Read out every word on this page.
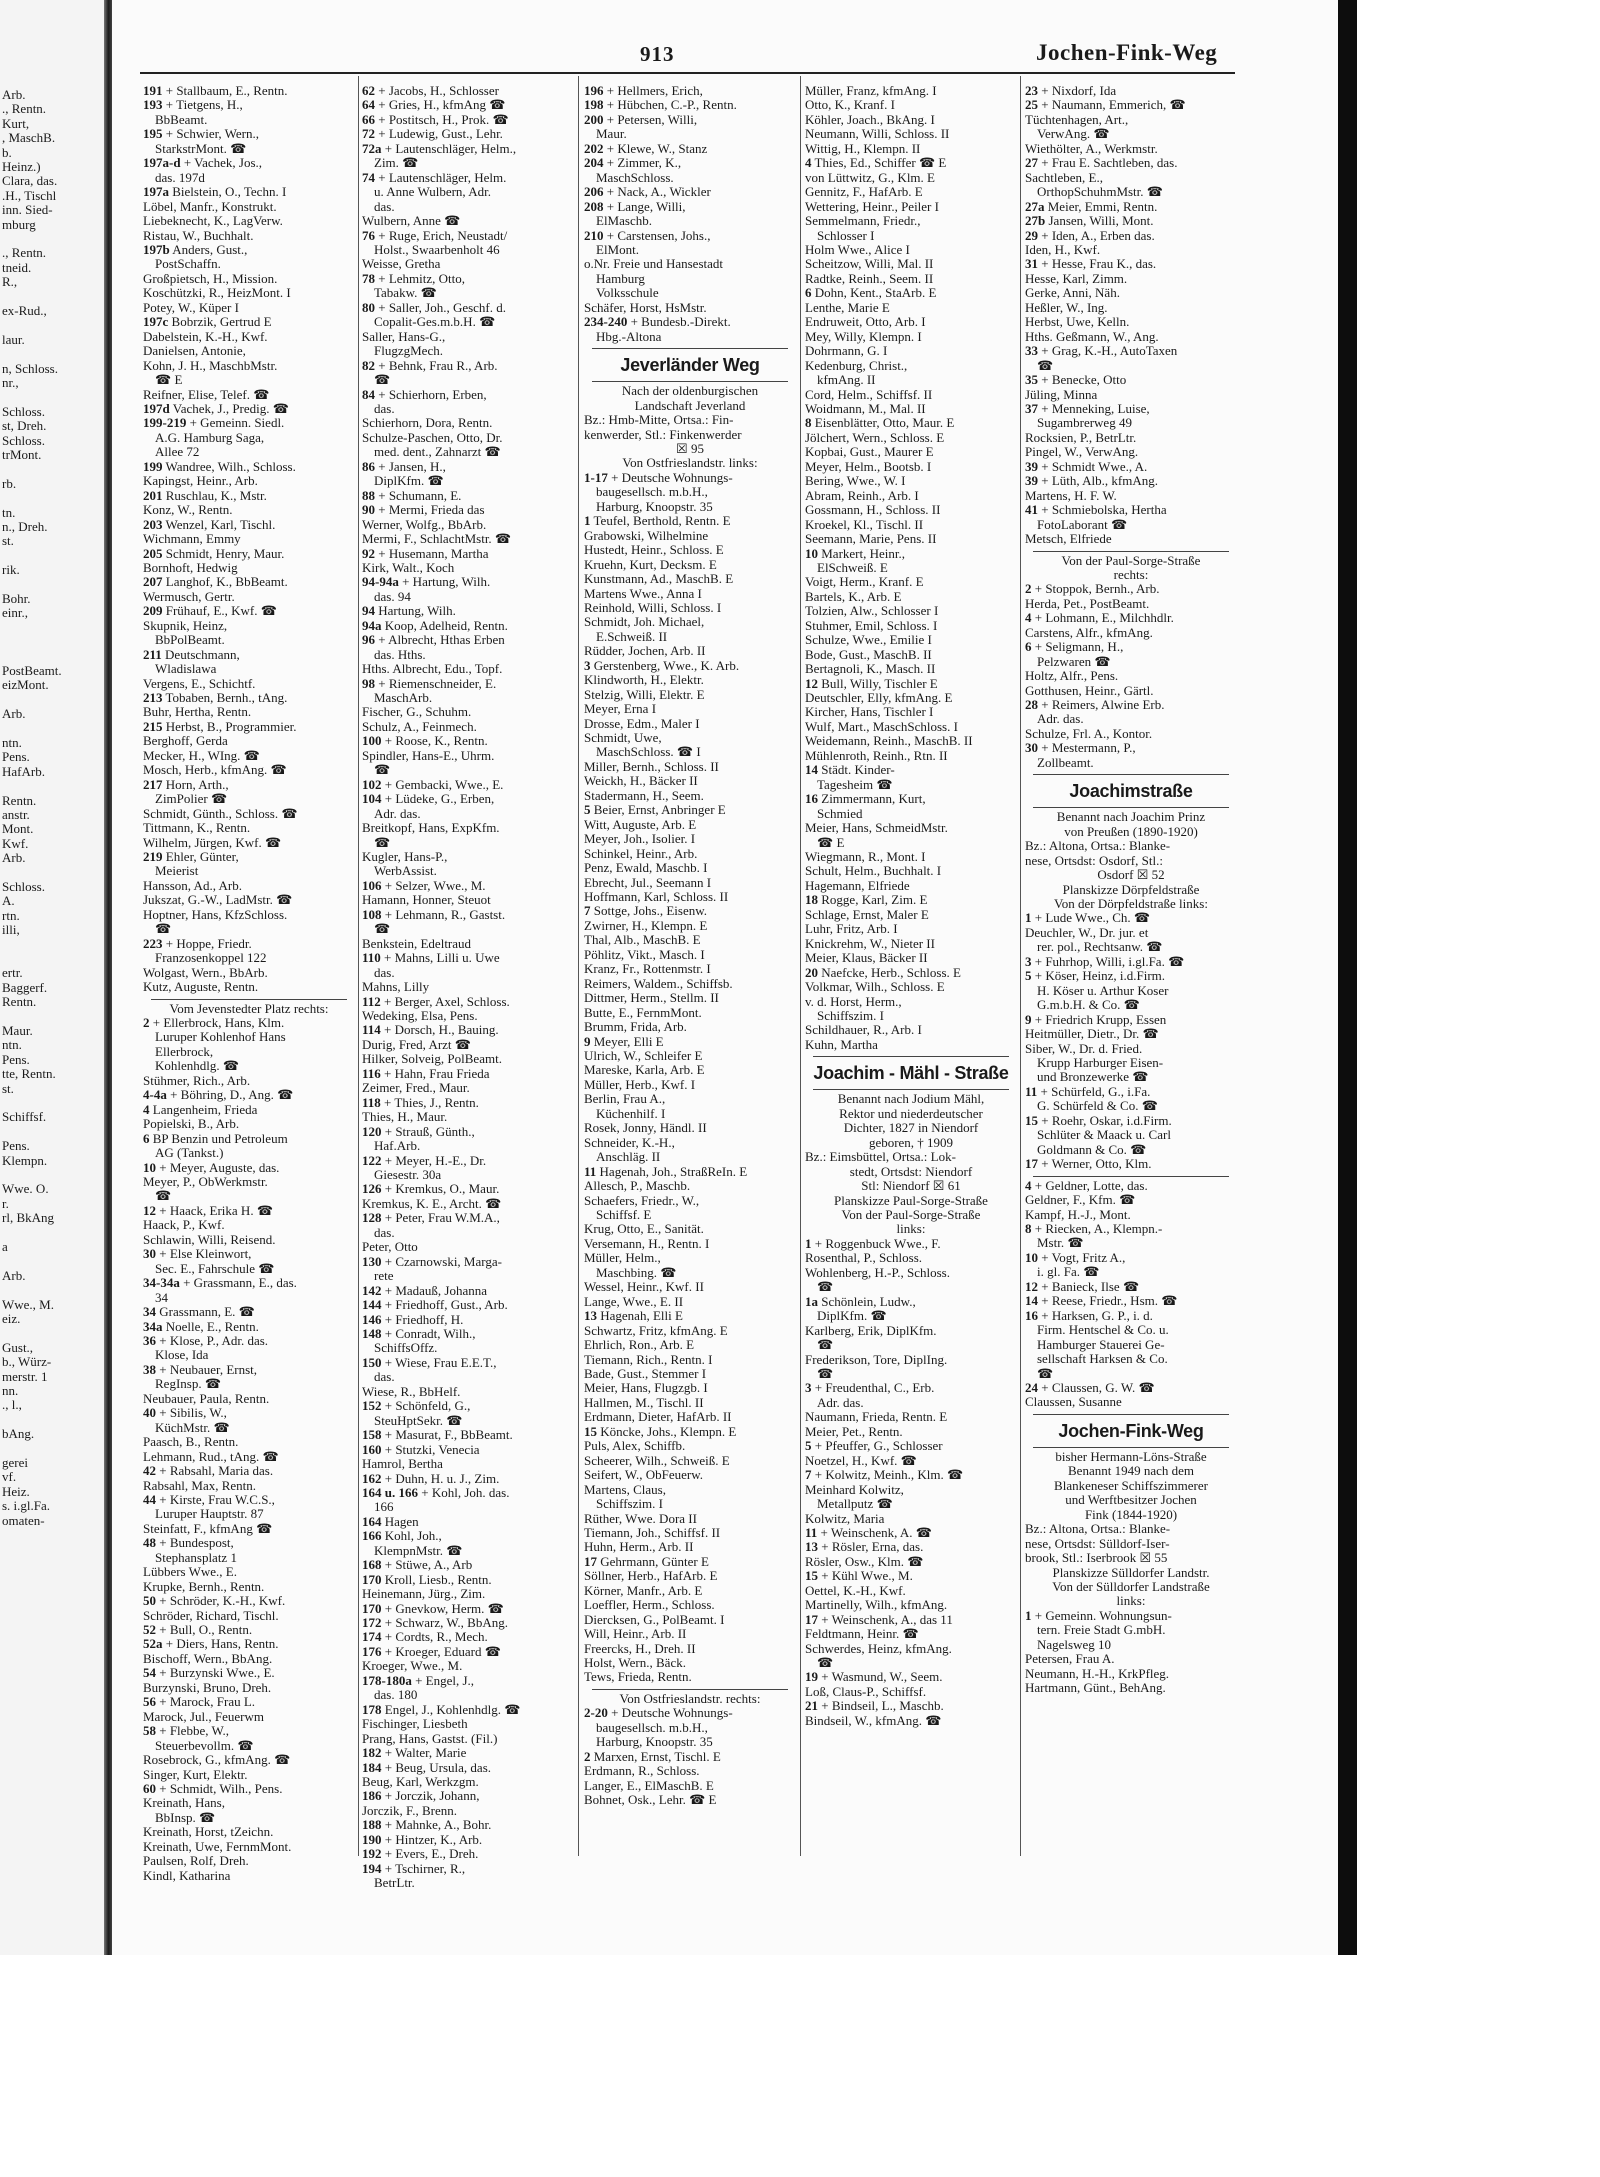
Arb.
., Rentn.
Kurt,
, MaschB.
b.
Heinz.)
Clara, das.
.H., Tischl
inn. Sied-
mburg
., Rentn.
tneid.
R.,
ex-Rud.,
laur.
n, Schloss.
nr.,
Schloss.
st, Dreh.
Schloss.
trMont.
rb.
tn.
n., Dreh.
st.
rik.
Bohr.
einr.,
PostBeamt.
eizMont.
Arb.
ntn.
Pens.
HafArb.
Rentn.
anstr.
Mont.
Kwf.
Arb.
Schloss.
A.
rtn.
illi,
ertr.
Baggerf.
Rentn.
Maur.
ntn.
Pens.
tte, Rentn.
st.
Schiffsf.
Pens.
Klempn.
Wwe. O.
r.
rl, BkAng
a
Arb.
Wwe., M.
eiz.
Gust.,
b., Würz-
merstr. 1
nn.
., l.,
bAng.
gerei
vf.
Heiz.
s. i.gl.Fa.
omaten-
913	Jochen-Fink-Weg
191 + Stallbaum, E., Rentn.
193 + Tietgens, H.,
BbBeamt.
195 + Schwier, Wern.,
StarkstrMont. ☎
197a-d + Vachek, Jos.,
das. 197d
197a Bielstein, O., Techn. I
Löbel, Manfr., Konstrukt.
Liebeknecht, K., LagVerw.
Ristau, W., Buchhalt.
197b Anders, Gust.,
PostSchaffn.
Großpietsch, H., Mission.
Koschützki, R., HeizMont. I
Potey, W., Küper I
197c Bobrzik, Gertrud E
Dabelstein, K.-H., Kwf.
Danielsen, Antonie,
Kohn, J. H., MaschbMstr.
☎ E
Reifner, Elise, Telef. ☎
197d Vachek, J., Predig. ☎
199-219 + Gemeinn. Siedl.
A.G. Hamburg Saga,
Allee 72
199 Wandree, Wilh., Schloss.
Kapingst, Heinr., Arb.
201 Ruschlau, K., Mstr.
Konz, W., Rentn.
203 Wenzel, Karl, Tischl.
Wichmann, Emmy
205 Schmidt, Henry, Maur.
Bornhoft, Hedwig
207 Langhof, K., BbBeamt.
Wermusch, Gertr.
209 Frühauf, E., Kwf. ☎
Skupnik, Heinz,
BbPolBeamt.
211 Deutschmann,
Wladislawa
Vergens, E., Schichtf.
213 Tobaben, Bernh., tAng.
Buhr, Hertha, Rentn.
215 Herbst, B., Programmier.
Berghoff, Gerda
Mecker, H., WIng. ☎
Mosch, Herb., kfmAng. ☎
217 Horn, Arth.,
ZimPolier ☎
Schmidt, Günth., Schloss. ☎
Tittmann, K., Rentn.
Wilhelm, Jürgen, Kwf. ☎
219 Ehler, Günter,
Meierist
Hansson, Ad., Arb.
Jukszat, G.-W., LadMstr. ☎
Hoptner, Hans, KfzSchloss.
☎
223 + Hoppe, Friedr.
Franzosenkoppel 122
Wolgast, Wern., BbArb.
Kutz, Auguste, Rentn.
Vom Jevenstedter Platz rechts:
2 + Ellerbrock, Hans, Klm.
Luruper Kohlenhof Hans
Ellerbrock,
Kohlenhdlg. ☎
Stühmer, Rich., Arb.
4-4a + Böhring, D., Ang. ☎
4 Langenheim, Frieda
Popielski, B., Arb.
6 BP Benzin und Petroleum
AG (Tankst.)
10 + Meyer, Auguste, das.
Meyer, P., ObWerkmstr.
☎
12 + Haack, Erika H. ☎
Haack, P., Kwf.
Schlawin, Willi, Reisend.
30 + Else Kleinwort,
Sec. E., Fahrschule ☎
34-34a + Grassmann, E., das.
34
34 Grassmann, E. ☎
34a Noelle, E., Rentn.
36 + Klose, P., Adr. das.
Klose, Ida
38 + Neubauer, Ernst,
RegInsp. ☎
Neubauer, Paula, Rentn.
40 + Sibilis, W.,
KüchMstr. ☎
Paasch, B., Rentn.
Lehmann, Rud., tAng. ☎
42 + Rabsahl, Maria das.
Rabsahl, Max, Rentn.
44 + Kirste, Frau W.C.S.,
Luruper Hauptstr. 87
Steinfatt, F., kfmAng ☎
48 + Bundespost,
Stephansplatz 1
Lübbers Wwe., E.
Krupke, Bernh., Rentn.
50 + Schröder, K.-H., Kwf.
Schröder, Richard, Tischl.
52 + Bull, O., Rentn.
52a + Diers, Hans, Rentn.
Bischoff, Wern., BbAng.
54 + Burzynski Wwe., E.
Burzynski, Bruno, Dreh.
56 + Marock, Frau L.
Marock, Jul., Feuerwm
58 + Flebbe, W.,
Steuerbevollm. ☎
Rosebrock, G., kfmAng. ☎
Singer, Kurt, Elektr.
60 + Schmidt, Wilh., Pens.
Kreinath, Hans,
BbInsp. ☎
Kreinath, Horst, tZeichn.
Kreinath, Uwe, FernmMont.
Paulsen, Rolf, Dreh.
Kindl, Katharina
62 + Jacobs, H., Schlosser
64 + Gries, H., kfmAng ☎
66 + Postitsch, H., Prok. ☎
72 + Ludewig, Gust., Lehr.
72a + Lautenschläger, Helm.,
Zim. ☎
74 + Lautenschläger, Helm.
u. Anne Wulbern, Adr.
das.
Wulbern, Anne ☎
76 + Ruge, Erich, Neustadt/
Holst., Swaarbenholt 46
Weisse, Gretha
78 + Lehmitz, Otto,
Tabakw. ☎
80 + Saller, Joh., Geschf. d.
Copalit-Ges.m.b.H. ☎
Saller, Hans-G.,
FlugzgMech.
82 + Behnk, Frau R., Arb.
☎
84 + Schierhorn, Erben,
das.
Schierhorn, Dora, Rentn.
Schulze-Paschen, Otto, Dr.
med. dent., Zahnarzt ☎
86 + Jansen, H.,
DiplKfm. ☎
88 + Schumann, E.
90 + Mermi, Frieda das
Werner, Wolfg., BbArb.
Mermi, F., SchlachtMstr. ☎
92 + Husemann, Martha
Kirk, Walt., Koch
94-94a + Hartung, Wilh.
das. 94
94 Hartung, Wilh.
94a Koop, Adelheid, Rentn.
96 + Albrecht, Hthas Erben
das. Hths.
Hths. Albrecht, Edu., Topf.
98 + Riemenschneider, E.
MaschArb.
Fischer, G., Schuhm.
Schulz, A., Feinmech.
100 + Roose, K., Rentn.
Spindler, Hans-E., Uhrm.
☎
102 + Gembacki, Wwe., E.
104 + Lüdeke, G., Erben,
Adr. das.
Breitkopf, Hans, ExpKfm.
☎
Kugler, Hans-P.,
WerbAssist.
106 + Selzer, Wwe., M.
Hamann, Honner, Steuot
108 + Lehmann, R., Gastst.
☎
Benkstein, Edeltraud
110 + Mahns, Lilli u. Uwe
das.
Mahns, Lilly
112 + Berger, Axel, Schloss.
Wedeking, Elsa, Pens.
114 + Dorsch, H., Bauing.
Durig, Fred, Arzt ☎
Hilker, Solveig, PolBeamt.
116 + Hahn, Frau Frieda
Zeimer, Fred., Maur.
118 + Thies, J., Rentn.
Thies, H., Maur.
120 + Strauß, Günth.,
Haf.Arb.
122 + Meyer, H.-E., Dr.
Giesestr. 30a
126 + Kremkus, O., Maur.
Kremkus, K. E., Archt. ☎
128 + Peter, Frau W.M.A.,
das.
Peter, Otto
130 + Czarnowski, Marga-
rete
142 + Madauß, Johanna
144 + Friedhoff, Gust., Arb.
146 + Friedhoff, H.
148 + Conradt, Wilh.,
SchiffsOffz.
150 + Wiese, Frau E.E.T.,
das.
Wiese, R., BbHelf.
152 + Schönfeld, G.,
SteuHptSekr. ☎
158 + Masurat, F., BbBeamt.
160 + Stutzki, Venecia
Hamrol, Bertha
162 + Duhn, H. u. J., Zim.
164 u. 166 + Kohl, Joh. das.
166
164 Hagen
166 Kohl, Joh.,
KlempnMstr. ☎
168 + Stüwe, A., Arb
170 Kroll, Liesb., Rentn.
Heinemann, Jürg., Zim.
170 + Gnevkow, Herm. ☎
172 + Schwarz, W., BbAng.
174 + Cordts, R., Mech.
176 + Kroeger, Eduard ☎
Kroeger, Wwe., M.
178-180a + Engel, J.,
das. 180
178 Engel, J., Kohlenhdlg. ☎
Fischinger, Liesbeth
Prang, Hans, Gastst. (Fil.)
182 + Walter, Marie
184 + Beug, Ursula, das.
Beug, Karl, Werkzgm.
186 + Jorczik, Johann,
Jorczik, F., Brenn.
188 + Mahnke, A., Bohr.
190 + Hintzer, K., Arb.
192 + Evers, E., Dreh.
194 + Tschirner, R.,
BetrLtr.
196 + Hellmers, Erich,
198 + Hübchen, C.-P., Rentn.
200 + Petersen, Willi,
Maur.
202 + Klewe, W., Stanz
204 + Zimmer, K.,
MaschSchloss.
206 + Nack, A., Wickler
208 + Lange, Willi,
ElMaschb.
210 + Carstensen, Johs.,
ElMont.
o.Nr. Freie und Hansestadt
Hamburg
Volksschule
Schäfer, Horst, HsMstr.
234-240 + Bundesb.-Direkt.
Hbg.-Altona
Jeverländer Weg
Nach der oldenburgischen
Landschaft Jeverland
Bz.: Hmb-Mitte, Ortsa.: Fin-
kenwerder, Stl.: Finkenwerder
☒ 95
Von Ostfrieslandstr. links:
1-17 + Deutsche Wohnungs-
baugesellsch. m.b.H.,
Harburg, Knoopstr. 35
1 Teufel, Berthold, Rentn. E
Grabowski, Wilhelmine
Hustedt, Heinr., Schloss. E
Kruehn, Kurt, Decksm. E
Kunstmann, Ad., MaschB. E
Martens Wwe., Anna I
Reinhold, Willi, Schloss. I
Schmidt, Joh. Michael,
E.Schweiß. II
Rüdder, Jochen, Arb. II
3 Gerstenberg, Wwe., K. Arb.
Klindworth, H., Elektr.
Stelzig, Willi, Elektr. E
Meyer, Erna I
Drosse, Edm., Maler I
Schmidt, Uwe,
MaschSchloss. ☎ I
Miller, Bernh., Schloss. II
Weickh, H., Bäcker II
Stadermann, H., Seem.
5 Beier, Ernst, Anbringer E
Witt, Auguste, Arb. E
Meyer, Joh., Isolier. I
Schinkel, Heinr., Arb.
Penz, Ewald, Maschb. I
Ebrecht, Jul., Seemann I
Hoffmann, Karl, Schloss. II
7 Sottge, Johs., Eisenw.
Zwirner, H., Klempn. E
Thal, Alb., MaschB. E
Pöhlitz, Vikt., Masch. I
Kranz, Fr., Rottenmstr. I
Reimers, Waldem., Schiffsb.
Dittmer, Herm., Stellm. II
Butte, E., FernmMont.
Brumm, Frida, Arb.
9 Meyer, Elli E
Ulrich, W., Schleifer E
Mareske, Karla, Arb. E
Müller, Herb., Kwf. I
Berlin, Frau A.,
Küchenhilf. I
Rosek, Jonny, Händl. II
Schneider, K.-H.,
Anschläg. II
11 Hagenah, Joh., StraßReIn. E
Allesch, P., Maschb.
Schaefers, Friedr., W.,
Schiffsf. E
Krug, Otto, E., Sanität.
Versemann, H., Rentn. I
Müller, Helm.,
Maschbing. ☎
Wessel, Heinr., Kwf. II
Lange, Wwe., E. II
13 Hagenah, Elli E
Schwartz, Fritz, kfmAng. E
Ehrlich, Ron., Arb. E
Tiemann, Rich., Rentn. I
Bade, Gust., Stemmer I
Meier, Hans, Flugzgb. I
Hallmen, M., Tischl. II
Erdmann, Dieter, HafArb. II
15 Köncke, Johs., Klempn. E
Puls, Alex, Schiffb.
Scheerer, Wilh., Schweiß. E
Seifert, W., ObFeuerw.
Martens, Claus,
Schiffszim. I
Rüther, Wwe. Dora II
Tiemann, Joh., Schiffsf. II
Huhn, Herm., Arb. II
17 Gehrmann, Günter E
Söllner, Herb., HafArb. E
Körner, Manfr., Arb. E
Loeffler, Herm., Schloss.
Diercksen, G., PolBeamt. I
Will, Heinr., Arb. II
Freercks, H., Dreh. II
Holst, Wern., Bäck.
Tews, Frieda, Rentn.
Von Ostfrieslandstr. rechts:
2-20 + Deutsche Wohnungs-
baugesellsch. m.b.H.,
Harburg, Knoopstr. 35
2 Marxen, Ernst, Tischl. E
Erdmann, R., Schloss.
Langer, E., ElMaschB. E
Bohnet, Osk., Lehr. ☎ E
Müller, Franz, kfmAng. I
Otto, K., Kranf. I
Köhler, Joach., BkAng. I
Neumann, Willi, Schloss. II
Wittig, H., Klempn. II
4 Thies, Ed., Schiffer ☎ E
von Lüttwitz, G., Klm. E
Gennitz, F., HafArb. E
Wettering, Heinr., Peiler I
Semmelmann, Friedr.,
Schlosser I
Holm Wwe., Alice I
Scheitzow, Willi, Mal. II
Radtke, Reinh., Seem. II
6 Dohn, Kent., StaArb. E
Lenthe, Marie E
Endruweit, Otto, Arb. I
Mey, Willy, Klempn. I
Dohrmann, G. I
Kedenburg, Christ.,
kfmAng. II
Cord, Helm., Schiffsf. II
Woidmann, M., Mal. II
8 Eisenblätter, Otto, Maur. E
Jölchert, Wern., Schloss. E
Kopbai, Gust., Maurer E
Meyer, Helm., Bootsb. I
Bering, Wwe., W. I
Abram, Reinh., Arb. I
Gossmann, H., Schloss. II
Kroekel, Kl., Tischl. II
Seemann, Marie, Pens. II
10 Markert, Heinr.,
ElSchweiß. E
Voigt, Herm., Kranf. E
Bartels, K., Arb. E
Tolzien, Alw., Schlosser I
Stuhmer, Emil, Schloss. I
Schulze, Wwe., Emilie I
Bode, Gust., MaschB. II
Bertagnoli, K., Masch. II
12 Bull, Willy, Tischler E
Deutschler, Elly, kfmAng. E
Kircher, Hans, Tischler I
Wulf, Mart., MaschSchloss. I
Weidemann, Reinh., MaschB. II
Mühlenroth, Reinh., Rtn. II
14 Städt. Kinder-
Tagesheim ☎
16 Zimmermann, Kurt,
Schmied
Meier, Hans, SchmeidMstr.
☎ E
Wiegmann, R., Mont. I
Schult, Helm., Buchhalt. I
Hagemann, Elfriede
18 Rogge, Karl, Zim. E
Schlage, Ernst, Maler E
Luhr, Fritz, Arb. I
Knickrehm, W., Nieter II
Meier, Klaus, Bäcker II
20 Naefcke, Herb., Schloss. E
Volkmar, Wilh., Schloss. E
v. d. Horst, Herm.,
Schiffszim. I
Schildhauer, R., Arb. I
Kuhn, Martha
Joachim - Mähl - Straße
Benannt nach Jodium Mähl,
Rektor und niederdeutscher
Dichter, 1827 in Niendorf
geboren, † 1909
Bz.: Eimsbüttel, Ortsa.: Lok-
stedt, Ortsdst: Niendorf
Stl: Niendorf ☒ 61
Planskizze Paul-Sorge-Straße
Von der Paul-Sorge-Straße
links:
1 + Roggenbuck Wwe., F.
Rosenthal, P., Schloss.
Wohlenberg, H.-P., Schloss.
☎
1a Schönlein, Ludw.,
DiplKfm. ☎
Karlberg, Erik, DiplKfm.
☎
Frederikson, Tore, DiplIng.
☎
3 + Freudenthal, C., Erb.
Adr. das.
Naumann, Frieda, Rentn. E
Meier, Pet., Rentn.
5 + Pfeuffer, G., Schlosser
Noetzel, H., Kwf. ☎
7 + Kolwitz, Meinh., Klm. ☎
Meinhard Kolwitz,
Metallputz ☎
Kolwitz, Maria
11 + Weinschenk, A. ☎
13 + Rösler, Erna, das.
Rösler, Osw., Klm. ☎
15 + Kühl Wwe., M.
Oettel, K.-H., Kwf.
Martinelly, Wilh., kfmAng.
17 + Weinschenk, A., das 11
Feldtmann, Heinr. ☎
Schwerdes, Heinz, kfmAng.
☎
19 + Wasmund, W., Seem.
Loß, Claus-P., Schiffsf.
21 + Bindseil, L., Maschb.
Bindseil, W., kfmAng. ☎
23 + Nixdorf, Ida
25 + Naumann, Emmerich, ☎
Tüchtenhagen, Art.,
VerwAng. ☎
Wiethölter, A., Werkmstr.
27 + Frau E. Sachtleben, das.
Sachtleben, E.,
OrthopSchuhmMstr. ☎
27a Meier, Emmi, Rentn.
27b Jansen, Willi, Mont.
29 + Iden, A., Erben das.
Iden, H., Kwf.
31 + Hesse, Frau K., das.
Hesse, Karl, Zimm.
Gerke, Anni, Näh.
Heßler, W., Ing.
Herbst, Uwe, Kelln.
Hths. Geßmann, W., Ang.
33 + Grag, K.-H., AutoTaxen
☎
35 + Benecke, Otto
Jüling, Minna
37 + Menneking, Luise,
Sugambrerweg 49
Rocksien, P., BetrLtr.
Pingel, W., VerwAng.
39 + Schmidt Wwe., A.
39 + Lüth, Alb., kfmAng.
Martens, H. F. W.
41 + Schmiebolska, Hertha
FotoLaborant ☎
Metsch, Elfriede
Von der Paul-Sorge-Straße
rechts:
2 + Stoppok, Bernh., Arb.
Herda, Pet., PostBeamt.
4 + Lohmann, E., Milchhdlr.
Carstens, Alfr., kfmAng.
6 + Seligmann, H.,
Pelzwaren ☎
Holtz, Alfr., Pens.
Gotthusen, Heinr., Gärtl.
28 + Reimers, Alwine Erb.
Adr. das.
Schulze, Frl. A., Kontor.
30 + Mestermann, P.,
Zollbeamt.
Joachimstraße
Benannt nach Joachim Prinz
von Preußen (1890-1920)
Bz.: Altona, Ortsa.: Blanke-
nese, Ortsdst: Osdorf, Stl.:
Osdorf ☒ 52
Planskizze Dörpfeldstraße
Von der Dörpfeldstraße links:
1 + Lude Wwe., Ch. ☎
Deuchler, W., Dr. jur. et
rer. pol., Rechtsanw. ☎
3 + Fuhrhop, Willi, i.gl.Fa. ☎
5 + Köser, Heinz, i.d.Firm.
H. Köser u. Arthur Koser
G.m.b.H. & Co. ☎
9 + Friedrich Krupp, Essen
Heitmüller, Dietr., Dr. ☎
Siber, W., Dr. d. Fried.
Krupp Harburger Eisen-
und Bronzewerke ☎
11 + Schürfeld, G., i.Fa.
G. Schürfeld & Co. ☎
15 + Roehr, Oskar, i.d.Firm.
Schlüter & Maack u. Carl
Goldmann & Co. ☎
17 + Werner, Otto, Klm.
4 + Geldner, Lotte, das.
Geldner, F., Kfm. ☎
Kampf, H.-J., Mont.
8 + Riecken, A., Klempn.-
Mstr. ☎
10 + Vogt, Fritz A.,
i. gl. Fa. ☎
12 + Banieck, Ilse ☎
14 + Reese, Friedr., Hsm. ☎
16 + Harksen, G. P., i. d.
Firm. Hentschel & Co. u.
Hamburger Stauerei Ge-
sellschaft Harksen & Co.
☎
24 + Claussen, G. W. ☎
Claussen, Susanne
Jochen-Fink-Weg
bisher Hermann-Löns-Straße
Benannt 1949 nach dem
Blankeneser Schiffszimmerer
und Werftbesitzer Jochen
Fink (1844-1920)
Bz.: Altona, Ortsa.: Blanke-
nese, Ortsdst: Sülldorf-Iser-
brook, Stl.: Iserbrook ☒ 55
Planskizze Sülldorfer Landstr.
Von der Sülldorfer Landstraße
links:
1 + Gemeinn. Wohnungsun-
tern. Freie Stadt G.mbH.
Nagelsweg 10
Petersen, Frau A.
Neumann, H.-H., KrkPfleg.
Hartmann, Günt., BehAng.
